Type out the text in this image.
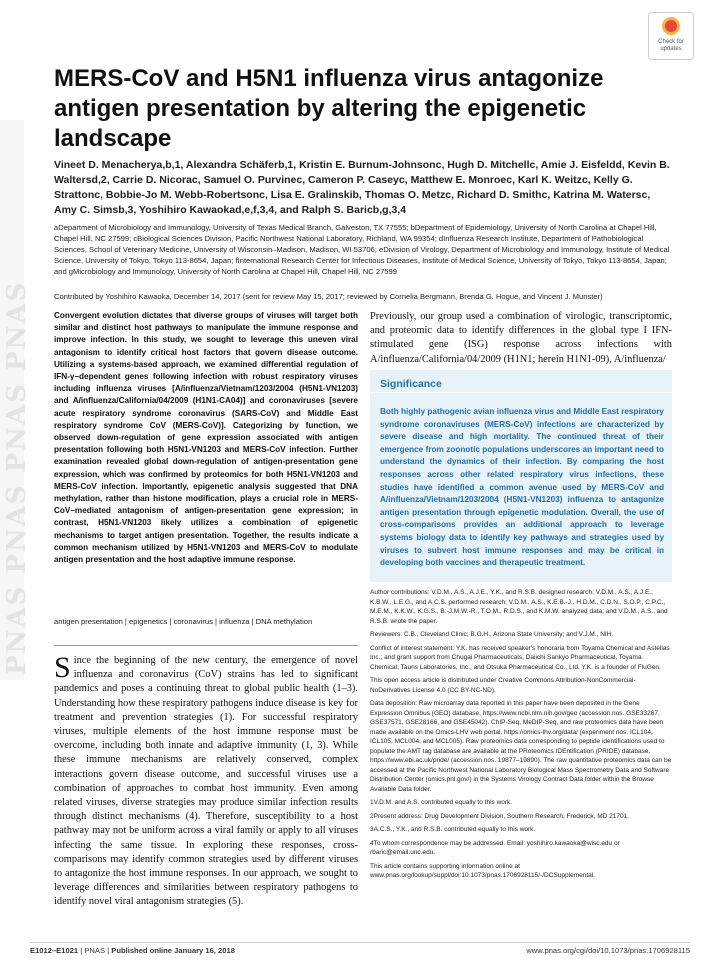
PNAS PNAS PNAS PNAS
Check for updates
MERS-CoV and H5N1 influenza virus antagonize antigen presentation by altering the epigenetic landscape

Vineet D. Menacherya,b,1, Alexandra Schäferb,1, Kristin E. Burnum-Johnsonc, Hugh D. Mitchellc, Amie J. Eisfeldd, Kevin B. Waltersd,2, Carrie D. Nicorac, Samuel O. Purvinec, Cameron P. Caseyc, Matthew E. Monroec, Karl K. Weitzc, Kelly G. Strattonc, Bobbie-Jo M. Webb-Robertsonc, Lisa E. Gralinskib, Thomas O. Metzc, Richard D. Smithc, Katrina M. Watersc, Amy C. Simsb,3, Yoshihiro Kawaokad,e,f,3,4, and Ralph S. Baricb,g,3,4

aDepartment of Microbiology and Immunology, University of Texas Medical Branch, Galveston, TX 77555; bDepartment of Epidemiology, University of North Carolina at Chapel Hill, Chapel Hill, NC 27599; cBiological Sciences Division, Pacific Northwest National Laboratory, Richland, WA 99354; dInfluenza Research Institute, Department of Pathobiological Sciences, School of Veterinary Medicine, University of Wisconsin–Madison, Madison, WI 53706; eDivision of Virology, Department of Microbiology and Immunology, Institute of Medical Science, University of Tokyo, Tokyo 113-8654, Japan; fInternational Research Center for Infectious Diseases, Institute of Medical Science, University of Tokyo, Tokyo 113-8654, Japan; and gMicrobiology and Immunology, University of North Carolina at Chapel Hill, Chapel Hill, NC 27599

Contributed by Yoshihiro Kawaoka, December 14, 2017 (sent for review May 15, 2017; reviewed by Cornelia Bergmann, Brenda G. Hogue, and Vincent J. Munster)

Convergent evolution dictates that diverse groups of viruses will target both similar and distinct host pathways to manipulate the immune response and improve infection. In this study, we sought to leverage this uneven viral antagonism to identify critical host factors that govern disease outcome. Utilizing a systems-based approach, we examined differential regulation of IFN-γ–dependent genes following infection with robust respiratory viruses including influenza viruses [A/influenza/Vietnam/1203/2004 (H5N1-VN1203) and A/influenza/California/04/2009 (H1N1-CA04)] and coronaviruses [severe acute respiratory syndrome coronavirus (SARS-CoV) and Middle East respiratory syndrome CoV (MERS-CoV)]. Categorizing by function, we observed down-regulation of gene expression associated with antigen presentation following both H5N1-VN1203 and MERS-CoV infection. Further examination revealed global down-regulation of antigen-presentation gene expression, which was confirmed by proteomics for both H5N1-VN1203 and MERS-CoV infection. Importantly, epigenetic analysis suggested that DNA methylation, rather than histone modification, plays a crucial role in MERS-CoV–mediated antagonism of antigen-presentation gene expression; in contrast, H5N1-VN1203 likely utilizes a combination of epigenetic mechanisms to target antigen presentation. Together, the results indicate a common mechanism utilized by H5N1-VN1203 and MERS-CoV to modulate antigen presentation and the host adaptive immune response.

antigen presentation | epigenetics | coronavirus | influenza | DNA methylation

Since the beginning of the new century, the emergence of novel influenza and coronavirus (CoV) strains has led to significant pandemics and poses a continuing threat to global public health (1–3). Understanding how these respiratory pathogens induce disease is key for treatment and prevention strategies (1). For successful respiratory viruses, multiple elements of the host immune response must be overcome, including both innate and adaptive immunity (1, 3). While these immune mechanisms are relatively conserved, complex interactions govern disease outcome, and successful viruses use a combination of approaches to combat host immunity. Even among related viruses, diverse strategies may produce similar infection results through distinct mechanisms (4). Therefore, susceptibility to a host pathway may not be uniform across a viral family or apply to all viruses infecting the same tissue. In exploring these responses, cross-comparisons may identify common strategies used by different viruses to antagonize the host immune responses. In our approach, we sought to leverage differences and similarities between respiratory pathogens to identify novel viral antagonism strategies (5).

Previously, our group used a combination of virologic, transcriptomic, and proteomic data to identify differences in the global type I IFN-stimulated gene (ISG) response across infections with A/influenza/California/04/2009 (H1N1; herein H1N1-09), A/influenza/

Significance

Both highly pathogenic avian influenza virus and Middle East respiratory syndrome coronaviruses (MERS-CoV) infections are characterized by severe disease and high mortality. The continued threat of their emergence from zoonotic populations underscores an important need to understand the dynamics of their infection. By comparing the host responses across other related respiratory virus infections, these studies have identified a common avenue used by MERS-CoV and A/influenza/Vietnam/1203/2004 (H5N1-VN1203) influenza to antagonize antigen presentation through epigenetic modulation. Overall, the use of cross-comparisons provides an additional approach to leverage systems biology data to identify key pathways and strategies used by viruses to subvert host immune responses and may be critical in developing both vaccines and therapeutic treatment.

Author contributions: V.D.M., A.S., A.J.E., Y.K., and R.S.B. designed research; V.D.M., A.S., A.J.E., K.B.W., L.E.G., and A.C.S. performed research; V.D.M., A.S., K.E.B.-J., H.D.M., C.D.N., S.O.P., C.P.C., M.E.M., K.K.W., K.G.S., B.-J.M.W.-R., T.O.M., R.D.S., and K.M.W. analyzed data; and V.D.M., A.S., and R.S.B. wrote the paper.

Reviewers: C.B., Cleveland Clinic; B.G.H., Arizona State University; and V.J.M., NIH.

Conflict of interest statement: Y.K. has received speaker's honoraria from Toyama Chemical and Astellas Inc.; and grant support from Chugai Pharmaceuticals, Daiichi Sankyo Pharmaceutical, Toyama Chemical, Tauns Laboratories, Inc., and Otsuka Pharmaceutical Co., Ltd. Y.K. is a founder of FluGen.

This open access article is distributed under Creative Commons Attribution-NonCommercial-NoDerivatives License 4.0 (CC BY-NC-ND).

Data deposition: Raw microarray data reported in this paper have been deposited in the Gene Expression Omnibus (GEO) database, https://www.ncbi.nlm.nih.gov/geo (accession nos. GSE33267, GSE37571, GSE28166, and GSE45042). ChIP-Seq, MeDIP-Seq, and raw proteomics data have been made available on the Omics-LHV web portal, https://omics-lhv.org/data/ (experiment nos. ICL104, ICL105, MCL004, and MCL005). Raw proteomics data corresponding to peptide identifications used to populate the AMT tag database are available at the PRoteomics IDEntification (PRIDE) database, https://www.ebi.ac.uk/pride/ (accession nos. 19877–19890). The raw quantitative proteomics data can be accessed at the Pacific Northwest National Laboratory Biological Mass Spectrometry Data and Software Distribution Center (omics.pnl.gov/) in the Systems Virology Contract Data folder within the Browse Available Data folder.

1V.D.M. and A.S. contributed equally to this work.

2Present address: Drug Development Division, Southern Research, Frederick, MD 21701.

3A.C.S., Y.K., and R.S.B. contributed equally to this work.

4To whom correspondence may be addressed. Email: yoshihiro.kawaoka@wisc.edu or rbaric@email.unc.edu.

This article contains supporting information online at www.pnas.org/lookup/suppl/doi:10.1073/pnas.1706928115/-/DCSupplemental.

E1012–E1021 | PNAS | Published online January 16, 2018	www.pnas.org/cgi/doi/10.1073/pnas.1706928115
